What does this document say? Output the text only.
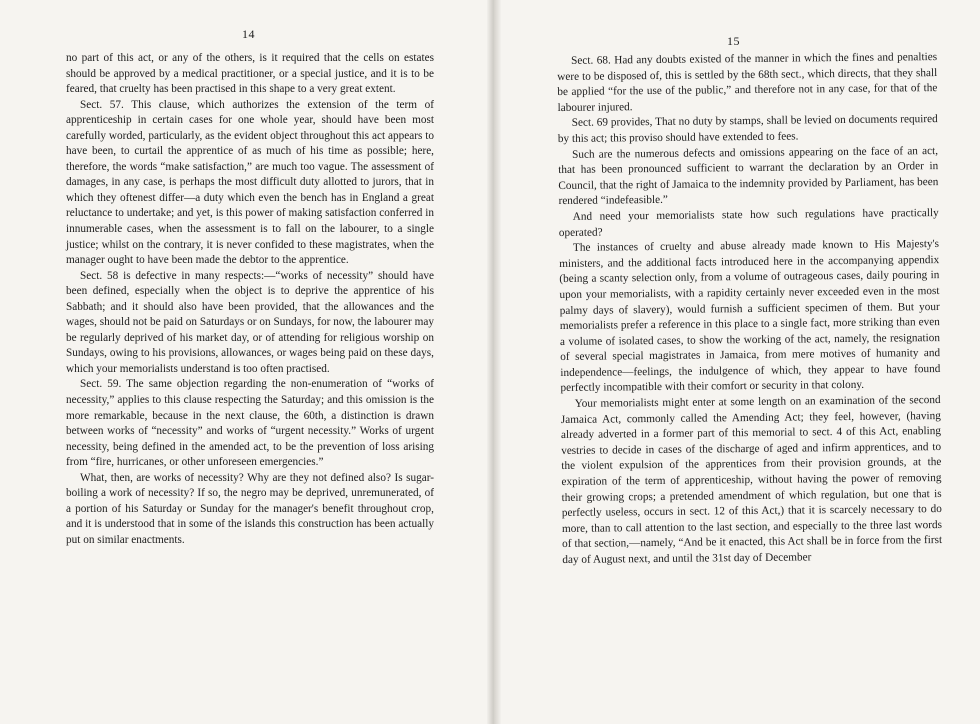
14

no part of this act, or any of the others, is it required that the cells on estates should be approved by a medical practitioner, or a special justice, and it is to be feared, that cruelty has been practised in this shape to a very great extent.

Sect. 57. This clause, which authorizes the extension of the term of apprenticeship in certain cases for one whole year, should have been most carefully worded, particularly, as the evident object throughout this act appears to have been, to curtail the apprentice of as much of his time as possible; here, therefore, the words “make satisfaction,” are much too vague. The assessment of damages, in any case, is perhaps the most difficult duty allotted to jurors, that in which they oftenest differ—a duty which even the bench has in England a great reluctance to undertake; and yet, is this power of making satisfaction conferred in innumerable cases, when the assessment is to fall on the labourer, to a single justice; whilst on the contrary, it is never confided to these magistrates, when the manager ought to have been made the debtor to the apprentice.

Sect. 58 is defective in many respects:—“works of necessity” should have been defined, especially when the object is to deprive the apprentice of his Sabbath; and it should also have been provided, that the allowances and the wages, should not be paid on Saturdays or on Sundays, for now, the labourer may be regularly deprived of his market day, or of attending for religious worship on Sundays, owing to his provisions, allowances, or wages being paid on these days, which your memorialists understand is too often practised.

Sect. 59. The same objection regarding the non-enumeration of “works of necessity,” applies to this clause respecting the Saturday; and this omission is the more remarkable, because in the next clause, the 60th, a distinction is drawn between works of “necessity” and works of “urgent necessity.” Works of urgent necessity, being defined in the amended act, to be the prevention of loss arising from “fire, hurricanes, or other unforeseen emergencies.”

What, then, are works of necessity? Why are they not defined also? Is sugar-boiling a work of necessity? If so, the negro may be deprived, unremunerated, of a portion of his Saturday or Sunday for the manager's benefit throughout crop, and it is understood that in some of the islands this construction has been actually put on similar enactments.

15

Sect. 68. Had any doubts existed of the manner in which the fines and penalties were to be disposed of, this is settled by the 68th sect., which directs, that they shall be applied “for the use of the public,” and therefore not in any case, for that of the labourer injured.

Sect. 69 provides, That no duty by stamps, shall be levied on documents required by this act; this proviso should have extended to fees.

Such are the numerous defects and omissions appearing on the face of an act, that has been pronounced sufficient to warrant the declaration by an Order in Council, that the right of Jamaica to the indemnity provided by Parliament, has been rendered “indefeasible.”

And need your memorialists state how such regulations have practically operated?

The instances of cruelty and abuse already made known to His Majesty's ministers, and the additional facts introduced here in the accompanying appendix (being a scanty selection only, from a volume of outrageous cases, daily pouring in upon your memorialists, with a rapidity certainly never exceeded even in the most palmy days of slavery), would furnish a sufficient specimen of them. But your memorialists prefer a reference in this place to a single fact, more striking than even a volume of isolated cases, to show the working of the act, namely, the resignation of several special magistrates in Jamaica, from mere motives of humanity and independence—feelings, the indulgence of which, they appear to have found perfectly incompatible with their comfort or security in that colony.

Your memorialists might enter at some length on an examination of the second Jamaica Act, commonly called the Amending Act; they feel, however, (having already adverted in a former part of this memorial to sect. 4 of this Act, enabling vestries to decide in cases of the discharge of aged and infirm apprentices, and to the violent expulsion of the apprentices from their provision grounds, at the expiration of the term of apprenticeship, without having the power of removing their growing crops; a pretended amendment of which regulation, but one that is perfectly useless, occurs in sect. 12 of this Act,) that it is scarcely necessary to do more, than to call attention to the last section, and especially to the three last words of that section,—namely, “And be it enacted, this Act shall be in force from the first day of August next, and until the 31st day of December
